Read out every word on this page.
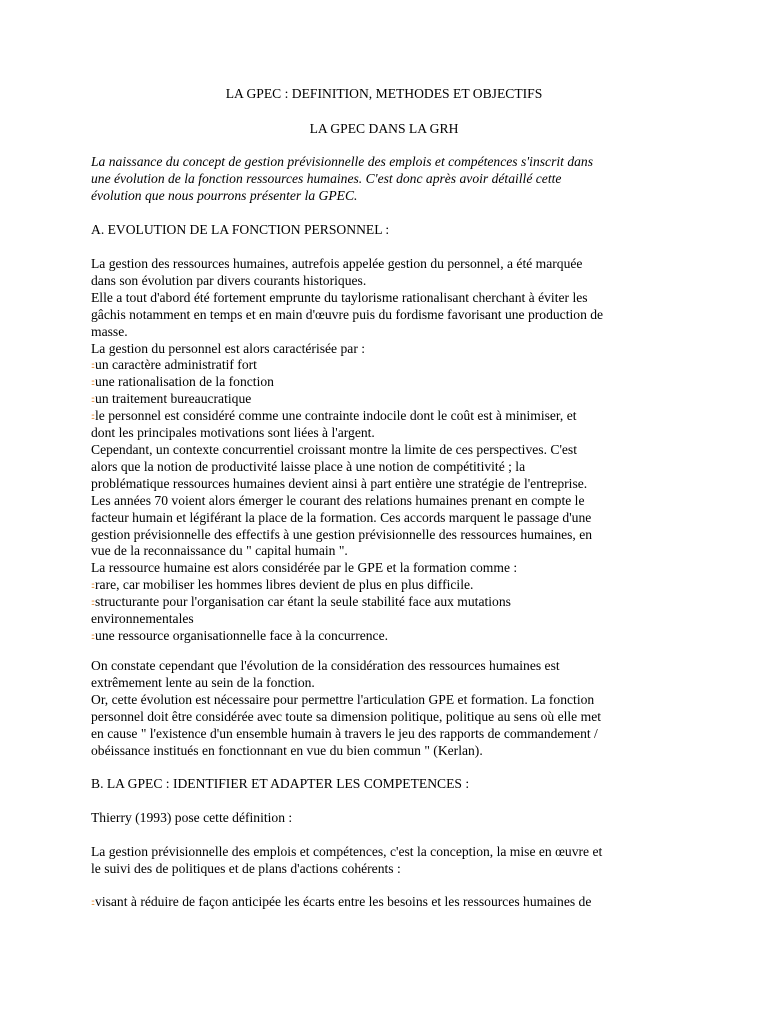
LA GPEC : DEFINITION, METHODES ET OBJECTIFS

LA GPEC DANS LA GRH

La naissance du concept de gestion prévisionnelle des emplois et compétences s'inscrit dans
une évolution de la fonction ressources humaines. C'est donc après avoir détaillé cette
évolution que nous pourrons présenter la GPEC.

A. EVOLUTION DE LA FONCTION PERSONNEL :

La gestion des ressources humaines, autrefois appelée gestion du personnel, a été marquée
dans son évolution par divers courants historiques.
Elle a tout d'abord été fortement emprunte du taylorisme rationalisant cherchant à éviter les
gâchis notamment en temps et en main d'œuvre puis du fordisme favorisant une production de
masse.
La gestion du personnel est alors caractérisée par :
::un caractère administratif fort
::une rationalisation de la fonction
::un traitement bureaucratique
::le personnel est considéré comme une contrainte indocile dont le coût est à minimiser, et
dont les principales motivations sont liées à l'argent.
Cependant, un contexte concurrentiel croissant montre la limite de ces perspectives. C'est
alors que la notion de productivité laisse place à une notion de compétitivité ; la
problématique ressources humaines devient ainsi à part entière une stratégie de l'entreprise.
Les années 70 voient alors émerger le courant des relations humaines prenant en compte le
facteur humain et légiférant la place de la formation. Ces accords marquent le passage d'une
gestion prévisionnelle des effectifs à une gestion prévisionnelle des ressources humaines, en
vue de la reconnaissance du " capital humain ".
La ressource humaine est alors considérée par le GPE et la formation comme :
::rare, car mobiliser les hommes libres devient de plus en plus difficile.
::structurante pour l'organisation car étant la seule stabilité face aux mutations
environnementales
::une ressource organisationnelle face à la concurrence.
On constate cependant que l'évolution de la considération des ressources humaines est
extrêmement lente au sein de la fonction.
Or, cette évolution est nécessaire pour permettre l'articulation GPE et formation. La fonction
personnel doit être considérée avec toute sa dimension politique, politique au sens où elle met
en cause " l'existence d'un ensemble humain à travers le jeu des rapports de commandement /
obéissance institués en fonctionnant en vue du bien commun " (Kerlan).

B. LA GPEC : IDENTIFIER ET ADAPTER LES COMPETENCES :

Thierry (1993) pose cette définition :

La gestion prévisionnelle des emplois et compétences, c'est la conception, la mise en œuvre et
le suivi des de politiques et de plans d'actions cohérents :
::visant à réduire de façon anticipée les écarts entre les besoins et les ressources humaines de
